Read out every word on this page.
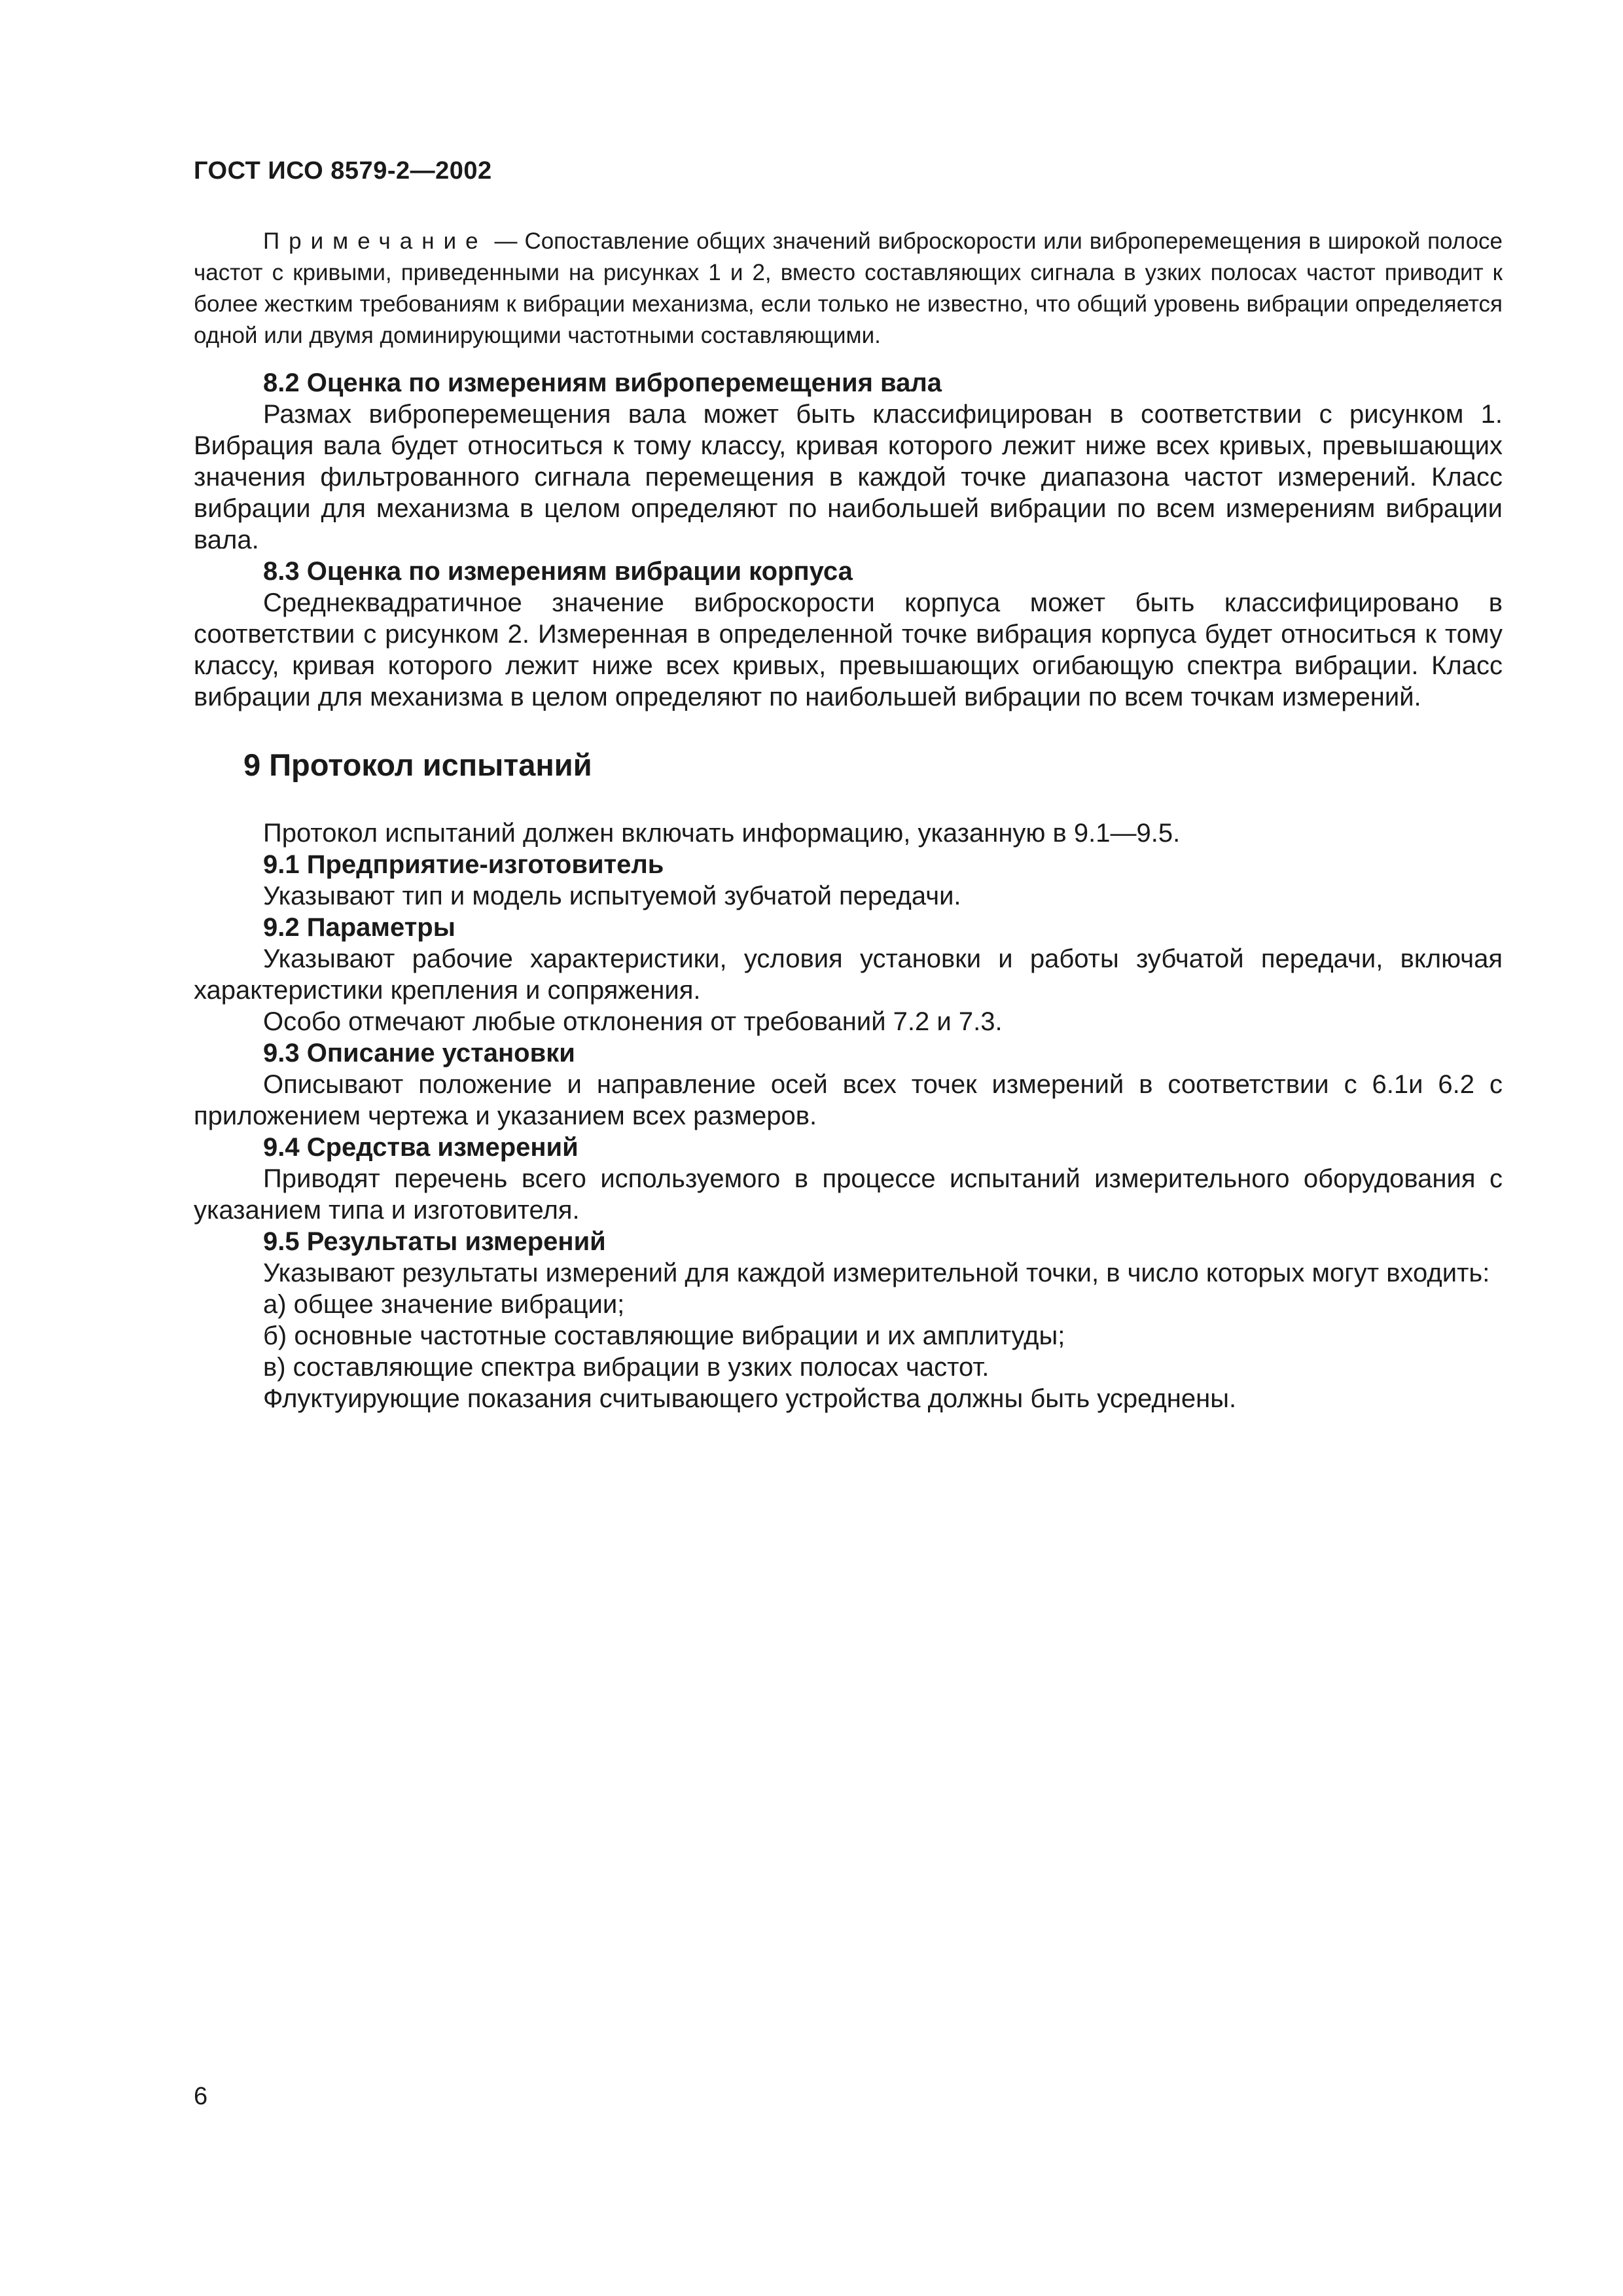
ГОСТ ИСО 8579-2—2002

Примечание — Сопоставление общих значений виброскорости или виброперемещения в широкой полосе частот с кривыми, приведенными на рисунках 1 и 2, вместо составляющих сигнала в узких полосах частот приводит к более жестким требованиям к вибрации механизма, если только не известно, что общий уровень вибрации определяется одной или двумя доминирующими частотными составляющими.

8.2 Оценка по измерениям виброперемещения вала

Размах виброперемещения вала может быть классифицирован в соответствии с рисунком 1. Вибрация вала будет относиться к тому классу, кривая которого лежит ниже всех кривых, превышающих значения фильтрованного сигнала перемещения в каждой точке диапазона частот измерений. Класс вибрации для механизма в целом определяют по наибольшей вибрации по всем измерениям вибрации вала.

8.3 Оценка по измерениям вибрации корпуса

Среднеквадратичное значение виброскорости корпуса может быть классифицировано в соответствии с рисунком 2. Измеренная в определенной точке вибрация корпуса будет относиться к тому классу, кривая которого лежит ниже всех кривых, превышающих огибающую спектра вибрации. Класс вибрации для механизма в целом определяют по наибольшей вибрации по всем точкам измерений.

9 Протокол испытаний

Протокол испытаний должен включать информацию, указанную в 9.1—9.5.

9.1 Предприятие-изготовитель

Указывают тип и модель испытуемой зубчатой передачи.

9.2 Параметры

Указывают рабочие характеристики, условия установки и работы зубчатой передачи, включая характеристики крепления и сопряжения.

Особо отмечают любые отклонения от требований 7.2 и 7.3.

9.3 Описание установки

Описывают положение и направление осей всех точек измерений в соответствии с 6.1и 6.2 с приложением чертежа и указанием всех размеров.

9.4 Средства измерений

Приводят перечень всего используемого в процессе испытаний измерительного оборудования с указанием типа и изготовителя.

9.5 Результаты измерений

Указывают результаты измерений для каждой измерительной точки, в число которых могут входить:

а) общее значение вибрации;

б) основные частотные составляющие вибрации и их амплитуды;

в) составляющие спектра вибрации в узких полосах частот.

Флуктуирующие показания считывающего устройства должны быть усреднены.

6
